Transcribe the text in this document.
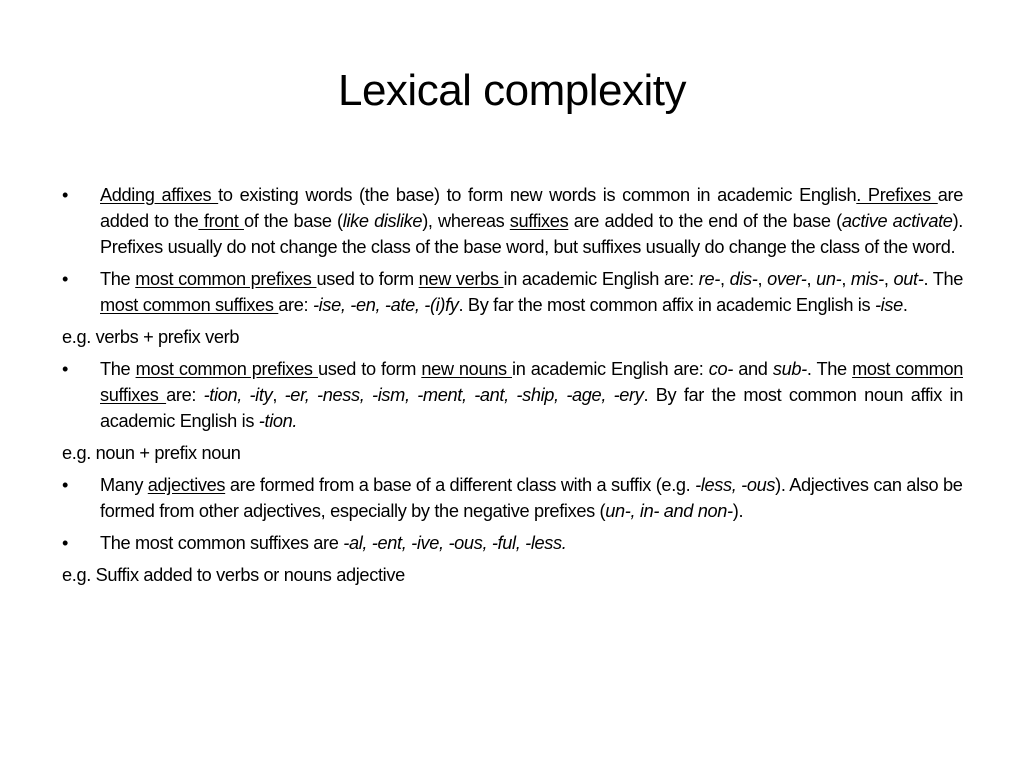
Lexical complexity
• Adding affixes to existing words (the base) to form new words is common in academic English. Prefixes are added to the front of the base (like dislike), whereas suffixes are added to the end of the base (active activate). Prefixes usually do not change the class of the base word, but suffixes usually do change the class of the word.
• The most common prefixes used to form new verbs in academic English are: re-, dis-, over-, un-, mis-, out-. The most common suffixes are: -ise, -en, -ate, -(i)fy. By far the most common affix in academic English is -ise.
e.g. verbs + prefix verb
• The most common prefixes used to form new nouns in academic English are: co- and sub-. The most common suffixes are: -tion, -ity, -er, -ness, -ism, -ment, -ant, -ship, -age, -ery. By far the most common noun affix in academic English is -tion.
e.g. noun + prefix noun
• Many adjectives are formed from a base of a different class with a suffix (e.g. -less, -ous). Adjectives can also be formed from other adjectives, especially by the negative prefixes (un-, in- and non-).
• The most common suffixes are -al, -ent, -ive, -ous, -ful, -less.
e.g. Suffix added to verbs or nouns adjective
